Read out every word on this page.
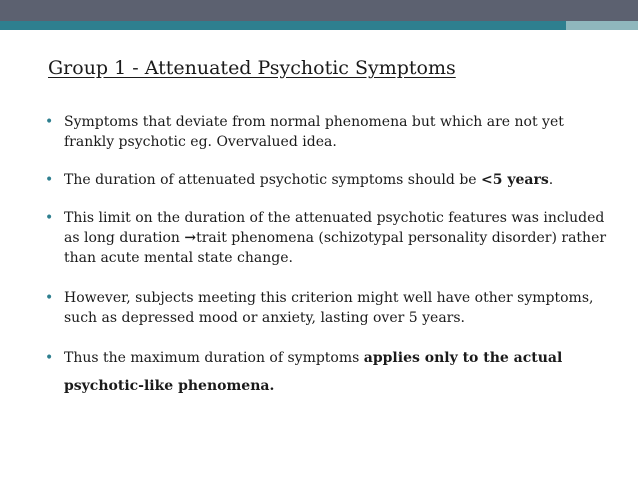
Group 1 - Attenuated Psychotic Symptoms
• Symptoms that deviate from normal phenomena but which are not yet frankly psychotic eg. Overvalued idea.
• The duration of attenuated psychotic symptoms should be <5 years.
• This limit on the duration of the attenuated psychotic features was included as long duration →trait phenomena (schizotypal personality disorder) rather than acute mental state change.
• However, subjects meeting this criterion might well have other symptoms, such as depressed mood or anxiety, lasting over 5 years.
• Thus the maximum duration of symptoms applies only to the actual psychotic-like phenomena.
